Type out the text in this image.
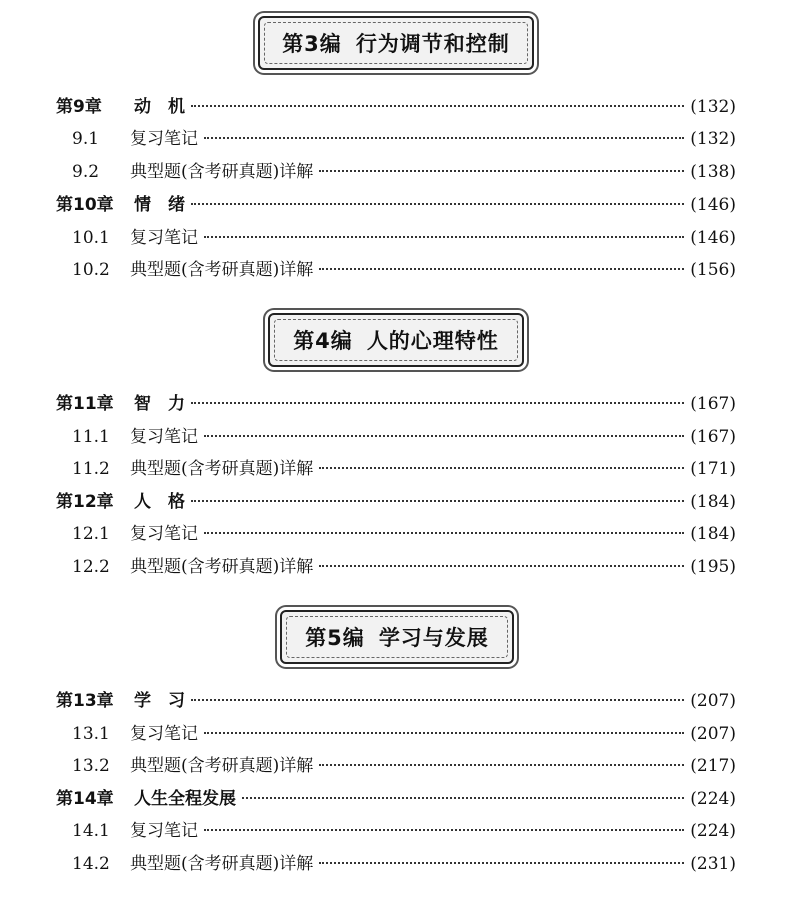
第3编 行为调节和控制
第9章 动　机	(132)
9.1 复习笔记	(132)
9.2 典型题(含考研真题)详解	(138)
第10章 情　绪	(146)
10.1 复习笔记	(146)
10.2 典型题(含考研真题)详解	(156)
第4编 人的心理特性
第11章 智　力	(167)
11.1 复习笔记	(167)
11.2 典型题(含考研真题)详解	(171)
第12章 人　格	(184)
12.1 复习笔记	(184)
12.2 典型题(含考研真题)详解	(195)
第5编 学习与发展
第13章 学　习	(207)
13.1 复习笔记	(207)
13.2 典型题(含考研真题)详解	(217)
第14章 人生全程发展	(224)
14.1 复习笔记	(224)
14.2 典型题(含考研真题)详解	(231)
